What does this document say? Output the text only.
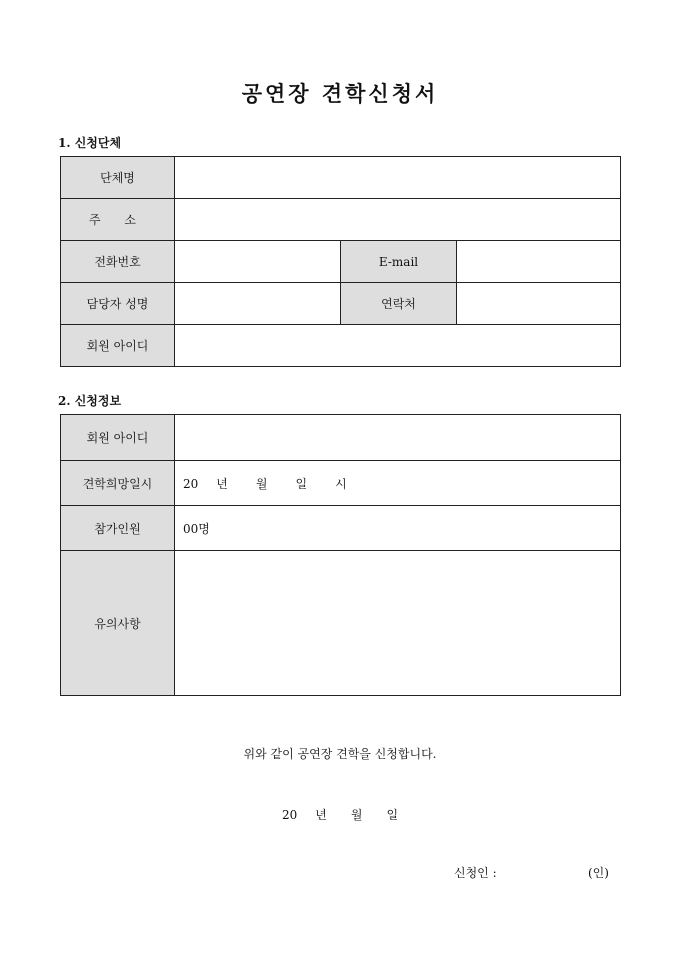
공연장 견학신청서
1. 신청단체
단체명			
주 소			
전화번호		E-mail	
담당자 성명		연락처	
회원 아이디			
2. 신청정보
회원 아이디	
견학희망일시	20 년 월 일 시
참가인원	00명
유의사항	
위와 같이 공연장 견학을 신청합니다.
20 년 월 일
신청인 :	(인)
